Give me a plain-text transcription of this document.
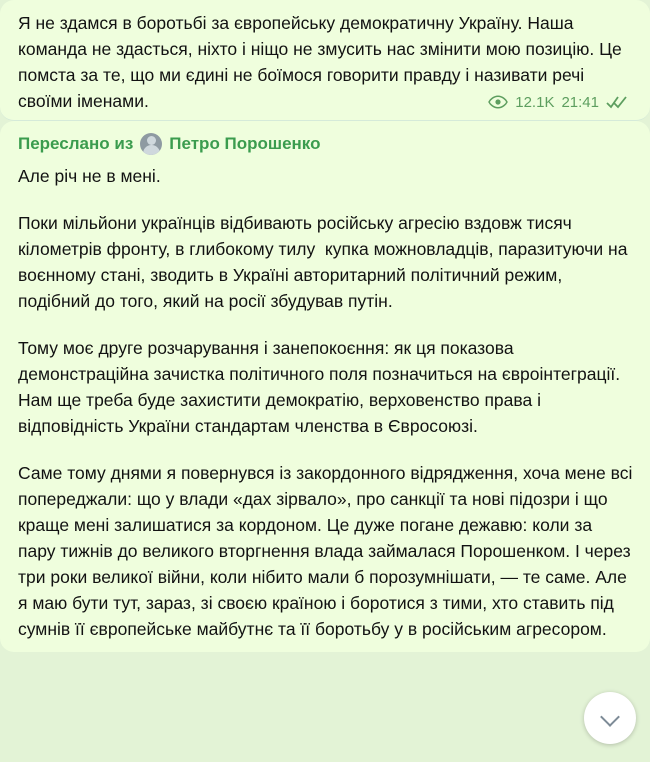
Я не здамся в боротьбі за європейську демократичну Україну. Наша команда не здасться, ніхто і ніщо не змусить нас змінити мою позицію. Це помста за те, що ми єдині не боїмося говорити правду і називати речі своїми іменами.	12.1K 21:41
Переслано из Петро Порошенко

Але річ не в мені.

Поки мільйони українців відбивають російську агресію вздовж тисяч кілометрів фронту, в глибокому тилу  купка можновладців, паразитуючи на воєнному стані, зводить в Україні авторитарний політичний режим, подібний до того, який на росії збудував путін.

Тому моє друге розчарування і занепокоєння: як ця показова демонстраційна зачистка політичного поля позначиться на євроінтеграції. Нам ще треба буде захистити демократію, верховенство права і відповідність України стандартам членства в Євросоюзі.

Саме тому днями я повернувся із закордонного відрядження, хоча мене всі попереджали: що у влади «дах зірвало», про санкції та нові підозри і що краще мені залишатися за кордоном. Це дуже погане дежавю: коли за пару тижнів до великого вторгнення влада займалася Порошенком. І через три роки великої війни, коли нібито мали б порозумнішати, — те саме. Але я маю бути тут, зараз, зі своєю країною і боротися з тими, хто ставить під сумнів її європейське майбутнє та її боротьбу у в російським агресором.
